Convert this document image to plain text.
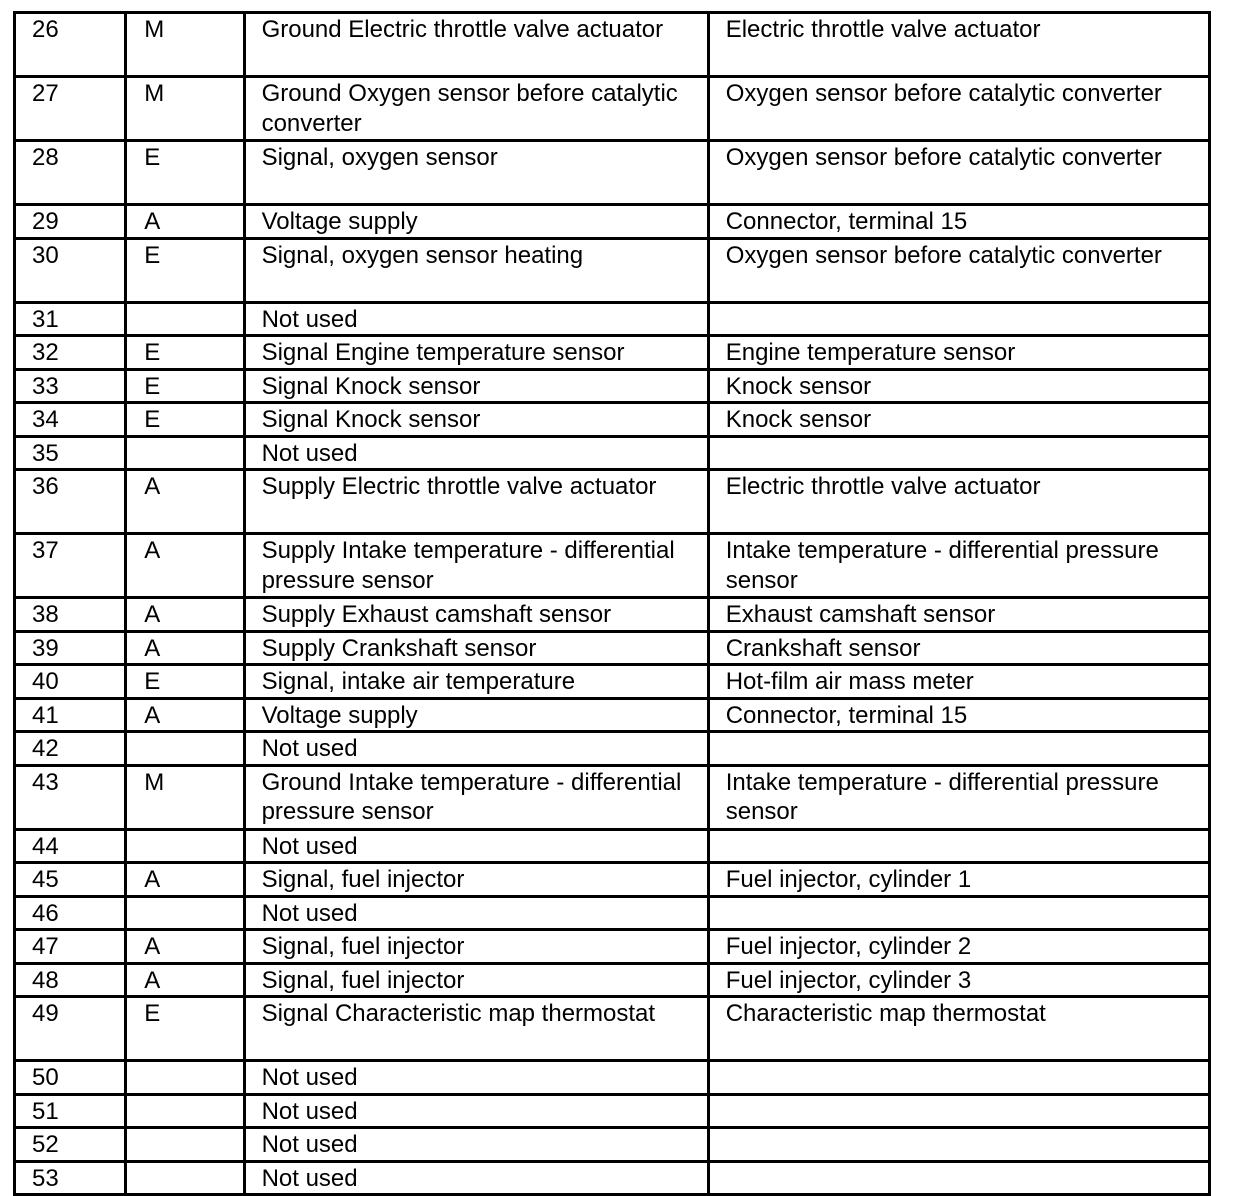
26	M	Ground Electric throttle valve actuator	Electric throttle valve actuator
27	M	Ground Oxygen sensor before catalytic converter	Oxygen sensor before catalytic converter
28	E	Signal, oxygen sensor	Oxygen sensor before catalytic converter
29	A	Voltage supply	Connector, terminal 15
30	E	Signal, oxygen sensor heating	Oxygen sensor before catalytic converter
31		Not used	
32	E	Signal Engine temperature sensor	Engine temperature sensor
33	E	Signal Knock sensor	Knock sensor
34	E	Signal Knock sensor	Knock sensor
35		Not used	
36	A	Supply Electric throttle valve actuator	Electric throttle valve actuator
37	A	Supply Intake temperature - differential pressure sensor	Intake temperature - differential pressure sensor
38	A	Supply Exhaust camshaft sensor	Exhaust camshaft sensor
39	A	Supply Crankshaft sensor	Crankshaft sensor
40	E	Signal, intake air temperature	Hot-film air mass meter
41	A	Voltage supply	Connector, terminal 15
42		Not used	
43	M	Ground Intake temperature - differential pressure sensor	Intake temperature - differential pressure sensor
44		Not used	
45	A	Signal, fuel injector	Fuel injector, cylinder 1
46		Not used	
47	A	Signal, fuel injector	Fuel injector, cylinder 2
48	A	Signal, fuel injector	Fuel injector, cylinder 3
49	E	Signal Characteristic map thermostat	Characteristic map thermostat
50		Not used	
51		Not used	
52		Not used	
53		Not used	
